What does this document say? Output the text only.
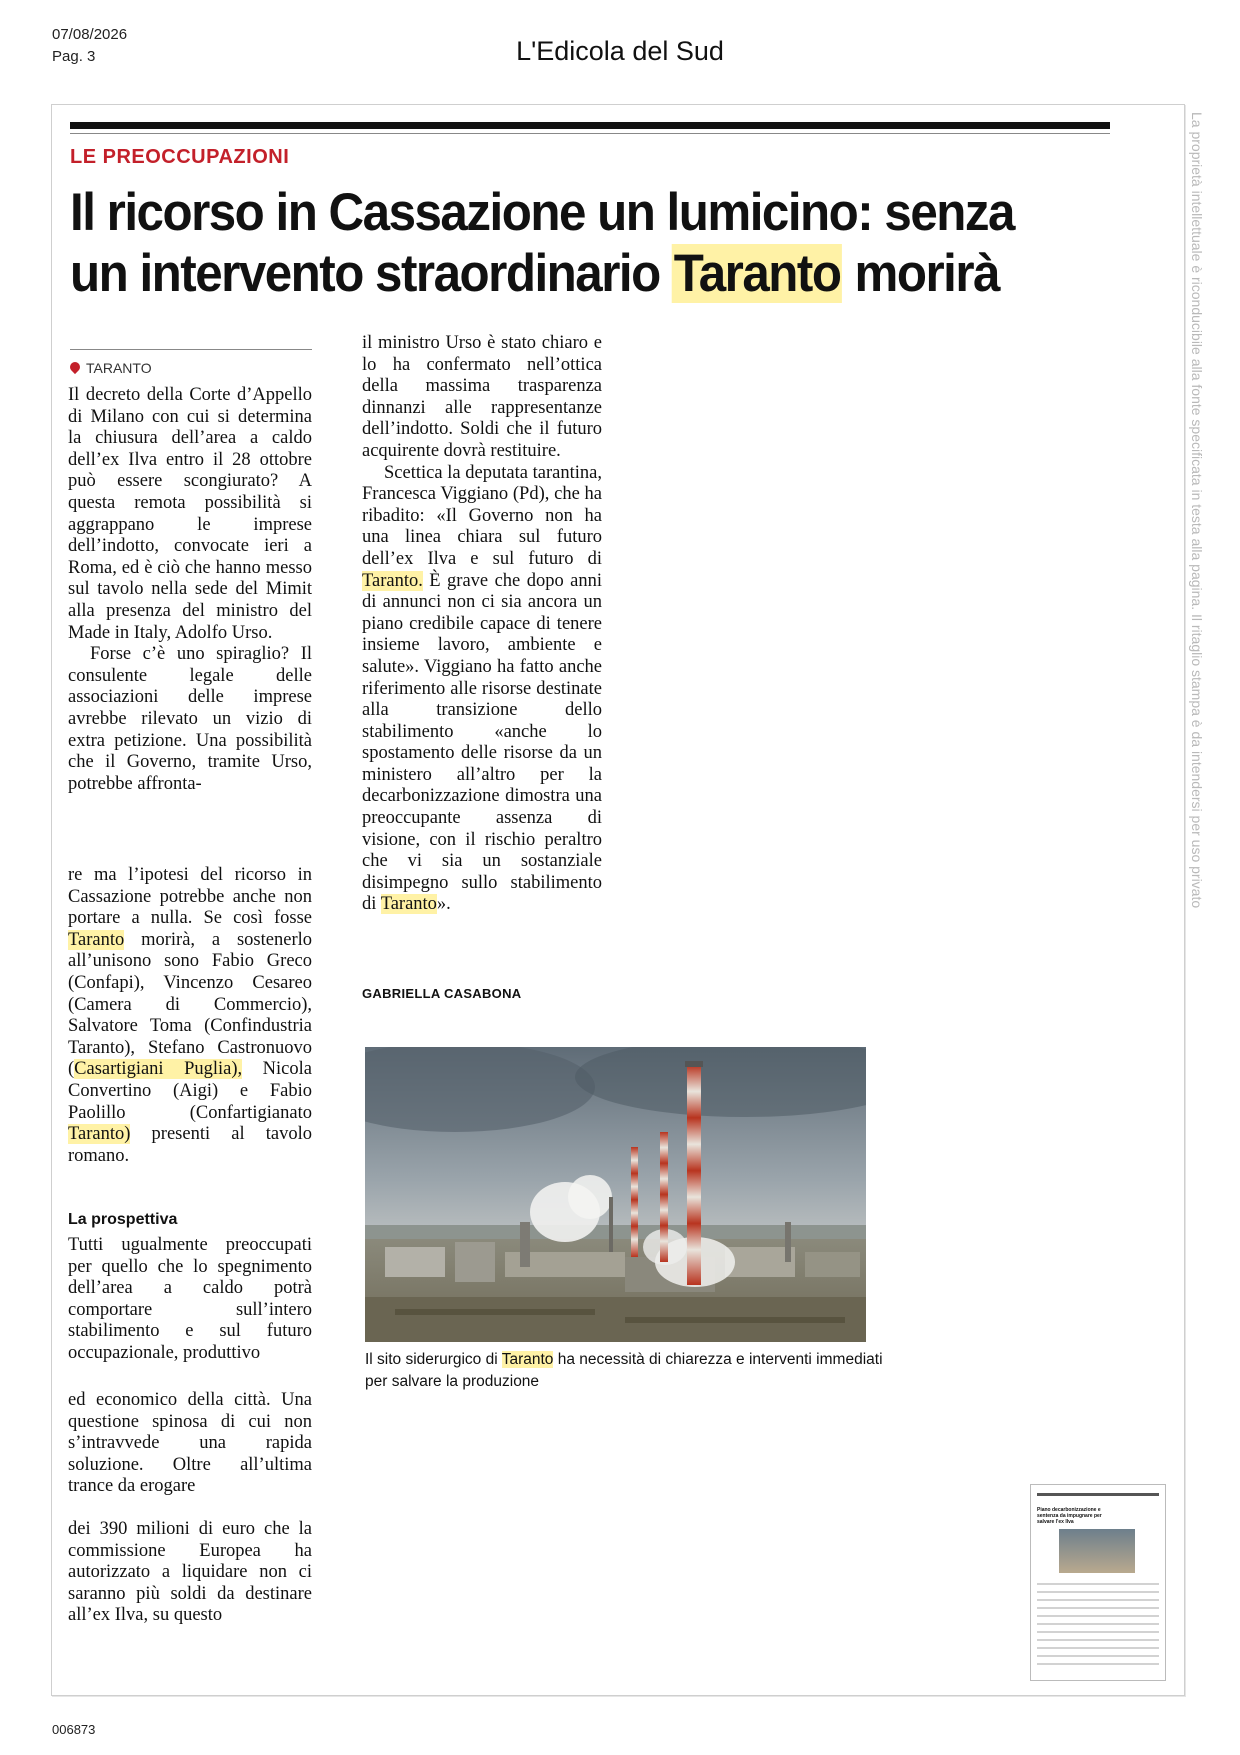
07/08/2026
Pag. 3	L'Edicola del Sud
La proprietà intellettuale è riconducibile alla fonte specificata in testa alla pagina. Il ritaglio stampa è da intendersi per uso privato
LE PREOCCUPAZIONI
Il ricorso in Cassazione un lumicino: senza un intervento straordinario Taranto morirà
TARANTO

Il decreto della Corte d’Appello di Milano con cui si determina la chiusura dell’area a caldo dell’ex Ilva entro il 28 ottobre può essere scongiurato? A questa remota possibilità si aggrappano le imprese dell’indotto, convocate ieri a Roma, ed è ciò che hanno messo sul tavolo nella sede del Mimit alla presenza del ministro del Made in Italy, Adolfo Urso.

Forse c’è uno spiraglio? Il consulente legale delle associazioni delle imprese avrebbe rilevato un vizio di extra petizione. Una possibilità che il Governo, tramite Urso, potrebbe affronta-

re ma l’ipotesi del ricorso in Cassazione potrebbe anche non portare a nulla. Se così fosse Taranto morirà, a sostenerlo all’unisono sono Fabio Greco (Confapi), Vincenzo Cesareo (Camera di Commercio), Salvatore Toma (Confindustria Taranto), Stefano Castronuovo (Casartigiani Puglia), Nicola Convertino (Aigi) e Fabio Paolillo (Confartigianato Taranto) presenti al tavolo romano.

La prospettiva

Tutti ugualmente preoccupati per quello che lo spegnimento dell’area a caldo potrà comportare sull’intero stabilimento e sul futuro occupazionale, produttivo

ed economico della città. Una questione spinosa di cui non s’intravvede una rapida soluzione. Oltre all’ultima trance da erogare

dei 390 milioni di euro che la commissione Europea ha autorizzato a liquidare non ci saranno più soldi da destinare all’ex Ilva, su questo

il ministro Urso è stato chiaro e lo ha confermato nell’ottica della massima trasparenza dinnanzi alle rappresentanze dell’indotto. Soldi che il futuro acquirente dovrà restituire.

Scettica la deputata tarantina, Francesca Viggiano (Pd), che ha ribadito: «Il Governo non ha una linea chiara sul futuro dell’ex Ilva e sul futuro di Taranto. È grave che dopo anni di annunci non ci sia ancora un piano credibile capace di tenere insieme lavoro, ambiente e salute». Viggiano ha fatto anche riferimento alle risorse destinate alla transizione dello stabilimento «anche lo spostamento delle risorse da un ministero all’altro per la decarbonizzazione dimostra una preoccupante assenza di visione, con il rischio peraltro che vi sia un sostanziale disimpegno sullo stabilimento di Taranto».

GABRIELLA CASABONA
Il sito siderurgico di Taranto ha necessità di chiarezza e interventi immediati per salvare la produzione
Piano decarbonizzazione e sentenza da impugnare per salvare l’ex Ilva
006873
